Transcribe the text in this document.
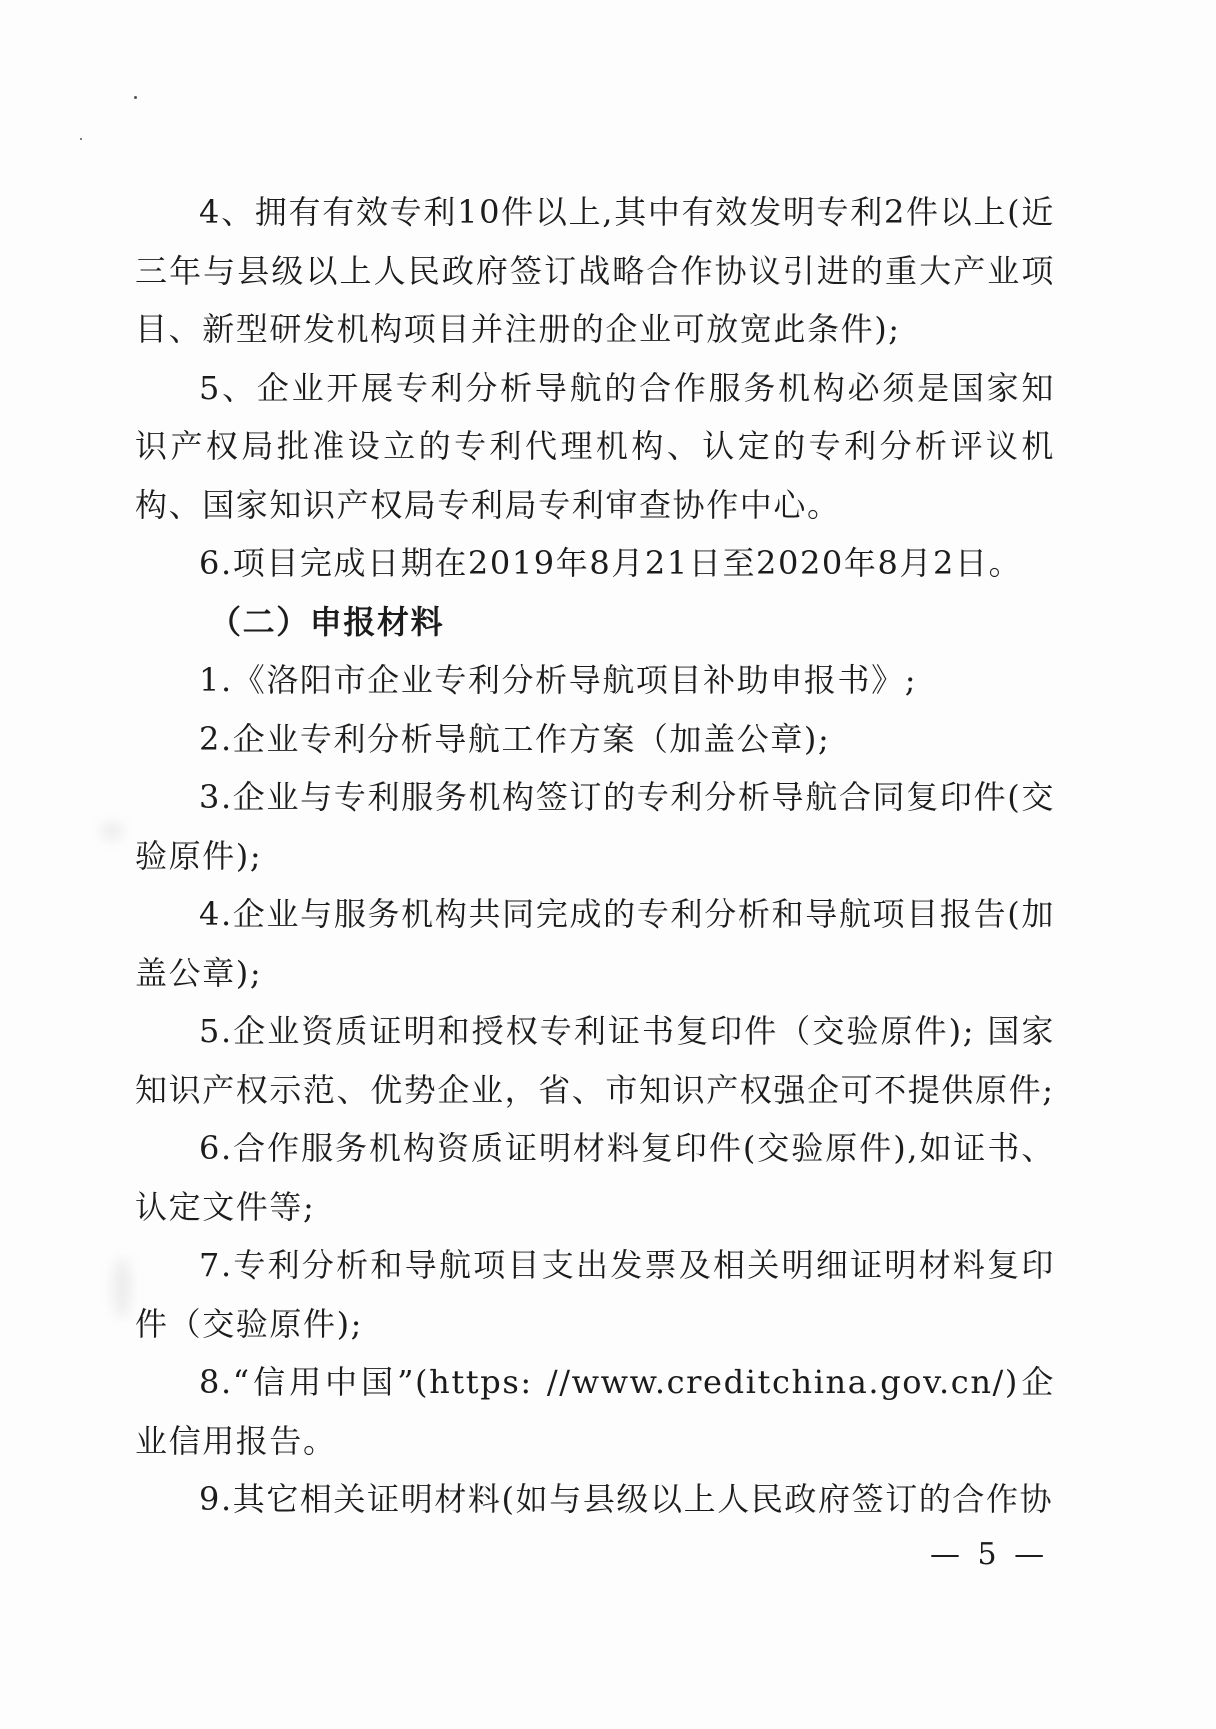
4、拥有有效专利10件以上,其中有效发明专利2件以上(近三年与县级以上人民政府签订战略合作协议引进的重大产业项目、新型研发机构项目并注册的企业可放宽此条件);

5、企业开展专利分析导航的合作服务机构必须是国家知识产权局批准设立的专利代理机构、认定的专利分析评议机构、国家知识产权局专利局专利审查协作中心。

6.项目完成日期在2019年8月21日至2020年8月2日。

（二）申报材料

1.《洛阳市企业专利分析导航项目补助申报书》;

2.企业专利分析导航工作方案（加盖公章);

3.企业与专利服务机构签订的专利分析导航合同复印件(交验原件);

4.企业与服务机构共同完成的专利分析和导航项目报告(加盖公章);

5.企业资质证明和授权专利证书复印件（交验原件); 国家知识产权示范、优势企业，省、市知识产权强企可不提供原件;

6.合作服务机构资质证明材料复印件(交验原件),如证书、认定文件等;

7.专利分析和导航项目支出发票及相关明细证明材料复印件（交验原件);

8.“信用中国”(https: //www.creditchina.gov.cn/)企业信用报告。

9.其它相关证明材料(如与县级以上人民政府签订的合作协

— 5 —
